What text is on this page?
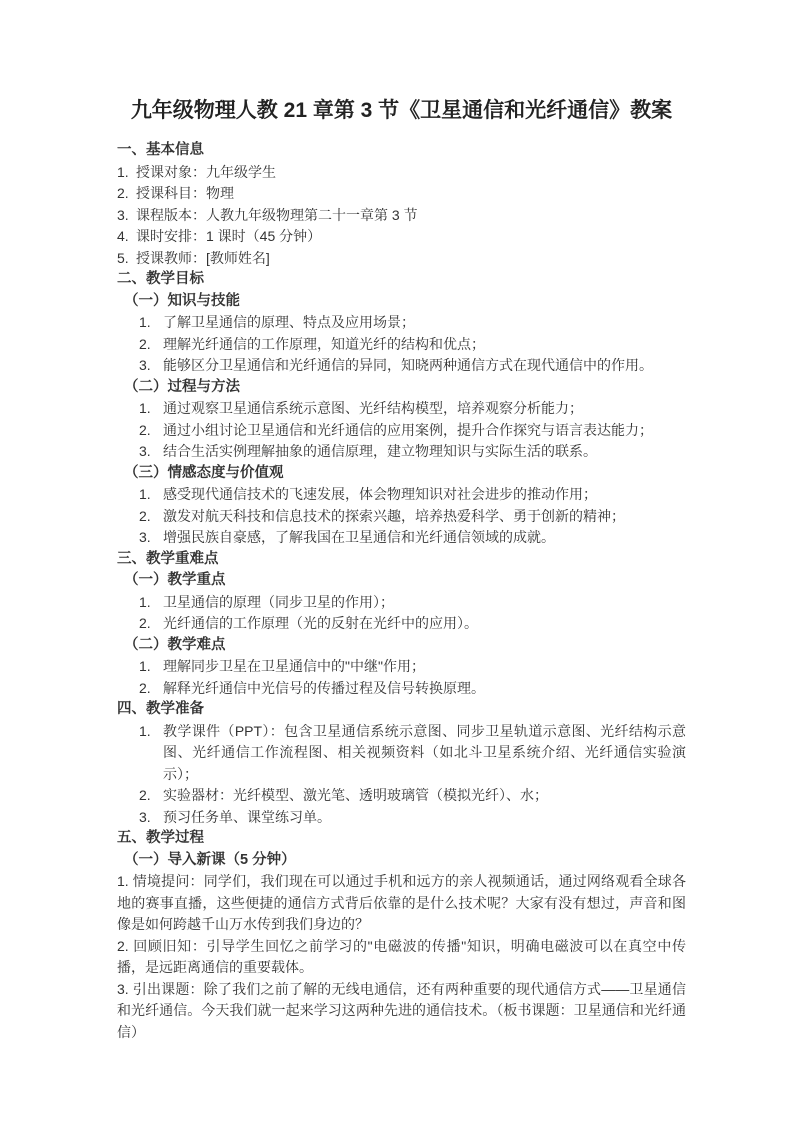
九年级物理人教 21 章第 3 节《卫星通信和光纤通信》教案
一、基本信息
授课对象：九年级学生
授课科目：物理
课程版本：人教九年级物理第二十一章第 3 节
课时安排：1 课时（45 分钟）
授课教师：[教师姓名]
二、教学目标
（一）知识与技能
了解卫星通信的原理、特点及应用场景；
理解光纤通信的工作原理，知道光纤的结构和优点；
能够区分卫星通信和光纤通信的异同，知晓两种通信方式在现代通信中的作用。
（二）过程与方法
通过观察卫星通信系统示意图、光纤结构模型，培养观察分析能力；
通过小组讨论卫星通信和光纤通信的应用案例，提升合作探究与语言表达能力；
结合生活实例理解抽象的通信原理，建立物理知识与实际生活的联系。
（三）情感态度与价值观
感受现代通信技术的飞速发展，体会物理知识对社会进步的推动作用；
激发对航天科技和信息技术的探索兴趣，培养热爱科学、勇于创新的精神；
增强民族自豪感，了解我国在卫星通信和光纤通信领域的成就。
三、教学重难点
（一）教学重点
卫星通信的原理（同步卫星的作用）；
光纤通信的工作原理（光的反射在光纤中的应用）。
（二）教学难点
理解同步卫星在卫星通信中的"中继"作用；
解释光纤通信中光信号的传播过程及信号转换原理。
四、教学准备
教学课件（PPT）：包含卫星通信系统示意图、同步卫星轨道示意图、光纤结构示意图、光纤通信工作流程图、相关视频资料（如北斗卫星系统介绍、光纤通信实验演示）；
实验器材：光纤模型、激光笔、透明玻璃管（模拟光纤）、水；
预习任务单、课堂练习单。
五、教学过程
（一）导入新课（5 分钟）

1. 情境提问：同学们，我们现在可以通过手机和远方的亲人视频通话，通过网络观看全球各地的赛事直播，这些便捷的通信方式背后依靠的是什么技术呢？大家有没有想过，声音和图像是如何跨越千山万水传到我们身边的？

2. 回顾旧知：引导学生回忆之前学习的"电磁波的传播"知识，明确电磁波可以在真空中传播，是远距离通信的重要载体。

3. 引出课题：除了我们之前了解的无线电通信，还有两种重要的现代通信方式——卫星通信和光纤通信。今天我们就一起来学习这两种先进的通信技术。（板书课题：卫星通信和光纤通信）
